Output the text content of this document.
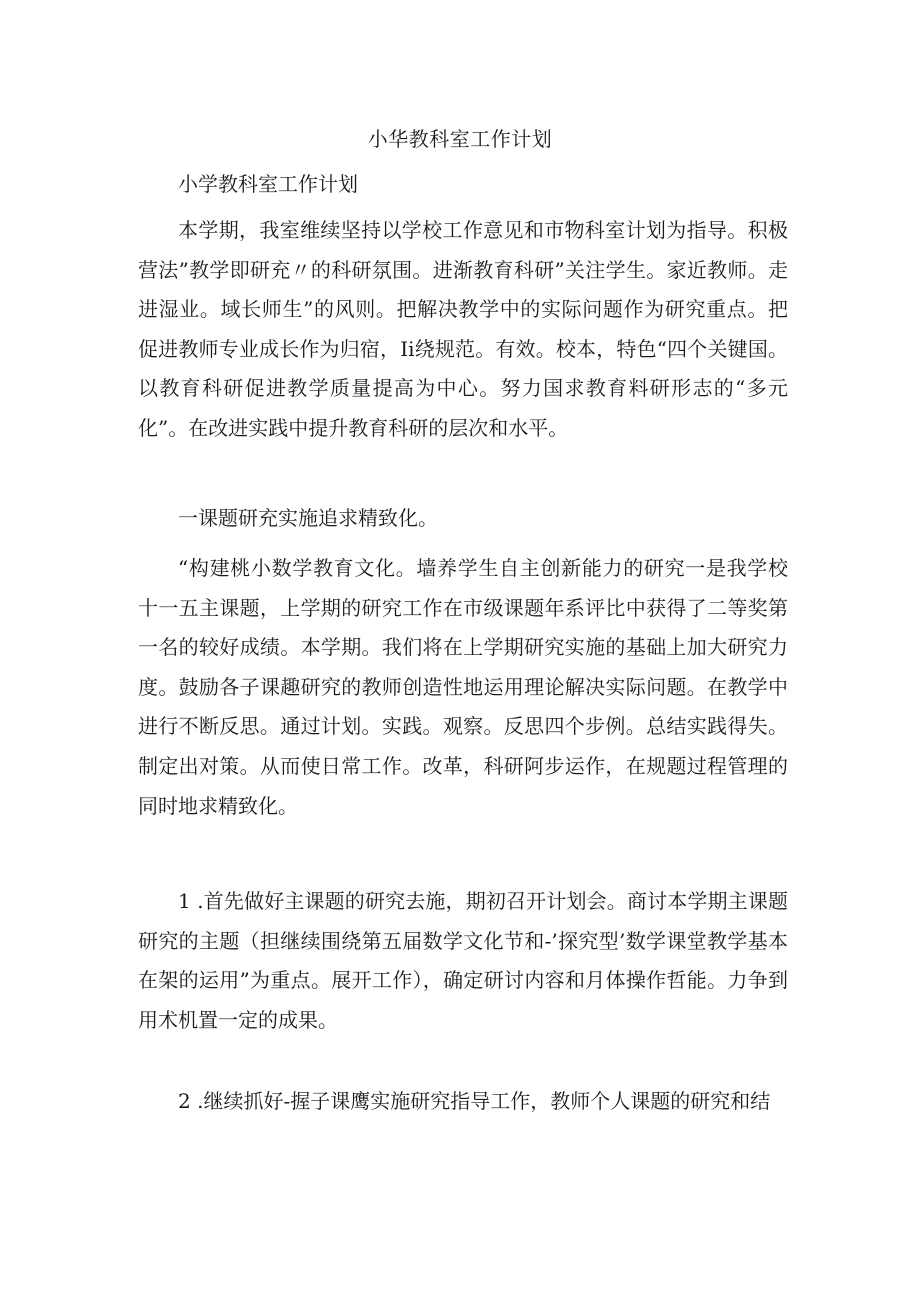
小华教科室工作计划

小学教科室工作计划

本学期，我室维续坚持以学校工作意见和市物科室计划为指导。积极营法”教学即研充〃的科研氛围。进渐教育科研”关注学生。家近教师。走进湿业。域长师生”的风则。把解决教学中的实际问题作为研究重点。把促进教师专业成长作为归宿，Ii绕规范。有效。校本，特色“四个关键国。以教育科研促进教学质量提高为中心。努力国求教育料研形志的“多元化”。在改进实践中提升教育科研的层次和水平。

一课题研充实施追求精致化。

“构建桃小数学教育文化。墙养学生自主创新能力的研究一是我学校十一五主课题，上学期的研究工作在市级课题年系评比中获得了二等奖第一名的较好成绩。本学期。我们将在上学期研究实施的基础上加大研究力度。鼓励各子课趣研究的教师创造性地运用理论解决实际问题。在教学中进行不断反思。通过计划。实践。观察。反思四个步例。总结实践得失。制定出对策。从而使日常工作。改革，科研阿步运作，在规题过程管理的同时地求精致化。

1 .首先做好主课题的研究去施，期初召开计划会。商讨本学期主课题研究的主题（担继续围绕第五届数学文化节和-’探究型’数学课堂教学基本在架的运用”为重点。展开工作），确定研讨内容和月体操作哲能。力争到用术机置一定的成果。

2 .继续抓好-握子课鹰实施研究指导工作，教师个人课题的研究和结
